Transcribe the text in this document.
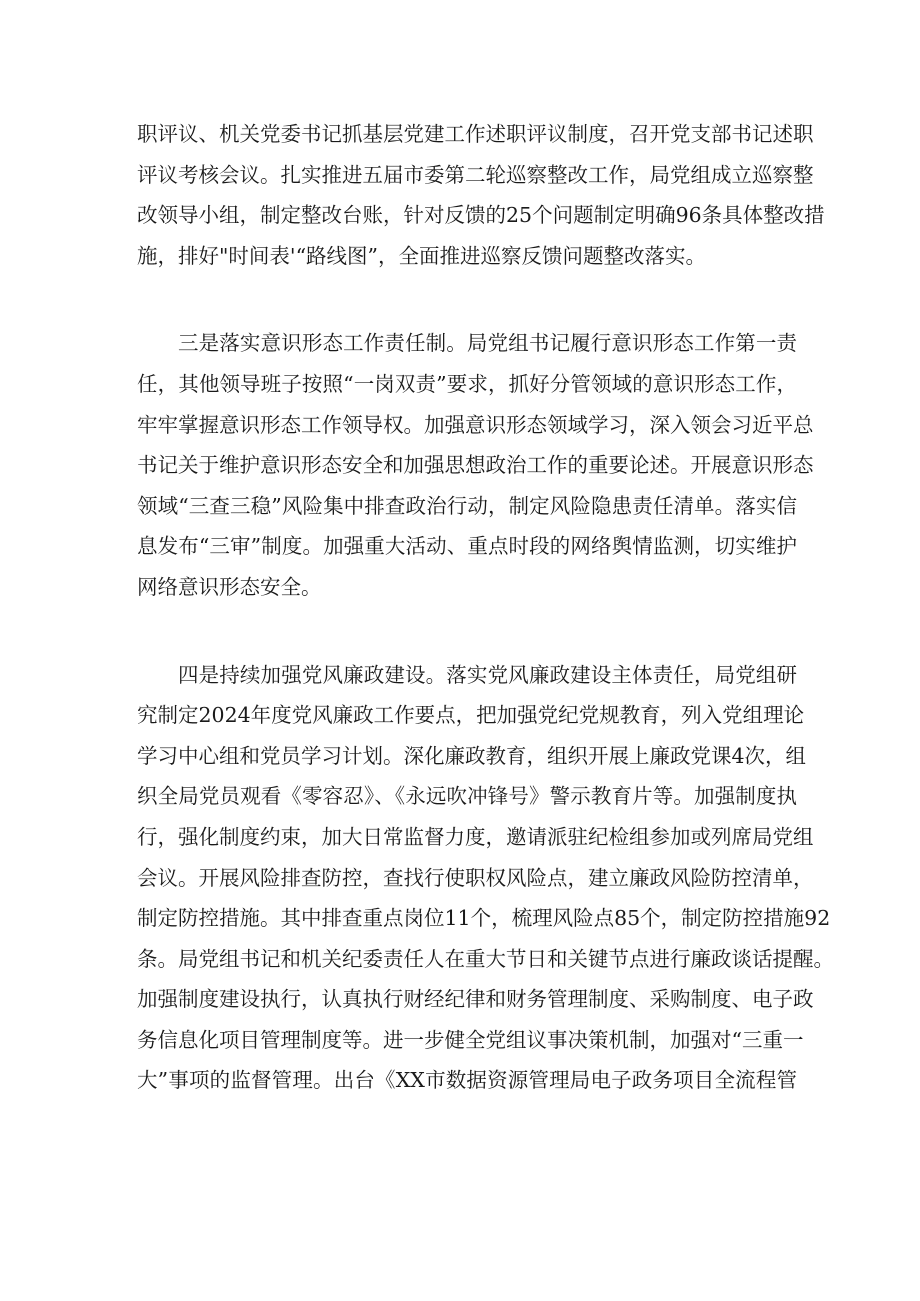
职评议、机关党委书记抓基层党建工作述职评议制度，召开党支部书记述职
评议考核会议。扎实推进五届市委第二轮巡察整改工作，局党组成立巡察整
改领导小组，制定整改台账，针对反馈的25个问题制定明确96条具体整改措
施，排好"时间表'“路线图”，全面推进巡察反馈问题整改落实。

三是落实意识形态工作责任制。局党组书记履行意识形态工作第一责
任，其他领导班子按照“一岗双责”要求，抓好分管领域的意识形态工作，
牢牢掌握意识形态工作领导权。加强意识形态领域学习，深入领会习近平总
书记关于维护意识形态安全和加强思想政治工作的重要论述。开展意识形态
领域“三查三稳”风险集中排查政治行动，制定风险隐患责任清单。落实信
息发布“三审”制度。加强重大活动、重点时段的网络舆情监测，切实维护
网络意识形态安全。

四是持续加强党风廉政建设。落实党风廉政建设主体责任，局党组研
究制定2024年度党风廉政工作要点，把加强党纪党规教育，列入党组理论
学习中心组和党员学习计划。深化廉政教育，组织开展上廉政党课4次，组
织全局党员观看《零容忍》、《永远吹冲锋号》警示教育片等。加强制度执
行，强化制度约束，加大日常监督力度，邀请派驻纪检组参加或列席局党组
会议。开展风险排查防控，查找行使职权风险点，建立廉政风险防控清单，
制定防控措施。其中排查重点岗位11个，梳理风险点85个，制定防控措施92
条。局党组书记和机关纪委责任人在重大节日和关键节点进行廉政谈话提醒。
加强制度建设执行，认真执行财经纪律和财务管理制度、采购制度、电子政
务信息化项目管理制度等。进一步健全党组议事决策机制，加强对“三重一
大”事项的监督管理。出台《XX市数据资源管理局电子政务项目全流程管
